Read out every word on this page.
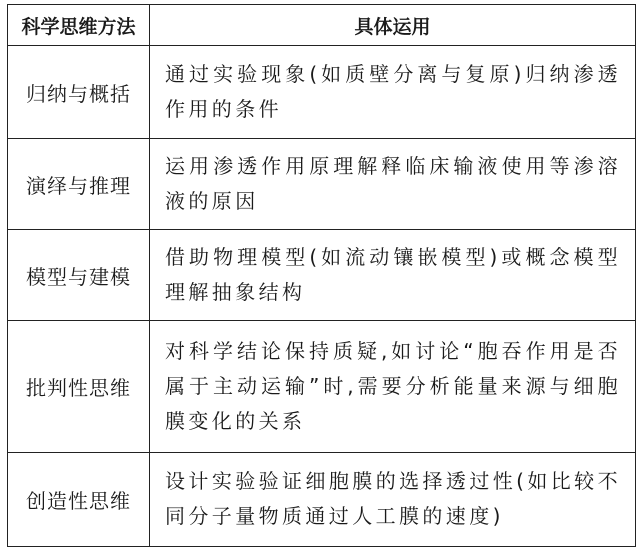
科学思维方法	具体运用
归纳与概括	通过实验现象(如质壁分离与复原)归纳渗透作用的条件
演绎与推理	运用渗透作用原理解释临床输液使用等渗溶液的原因
模型与建模	借助物理模型(如流动镶嵌模型)或概念模型理解抽象结构
批判性思维	对科学结论保持质疑,如讨论“胞吞作用是否属于主动运输”时,需要分析能量来源与细胞膜变化的关系
创造性思维	设计实验验证细胞膜的选择透过性(如比较不同分子量物质通过人工膜的速度)
